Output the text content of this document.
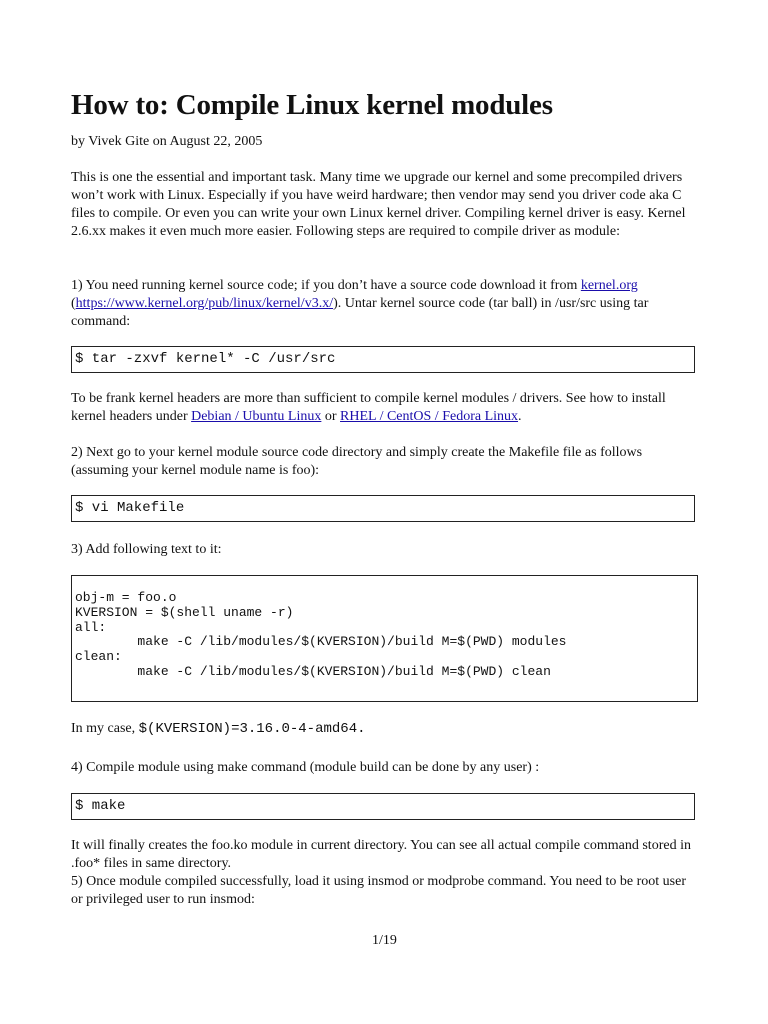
How to: Compile Linux kernel modules
by Vivek Gite on August 22, 2005

This is one the essential and important task. Many time we upgrade our kernel and some precompiled drivers won’t work with Linux. Especially if you have weird hardware; then vendor may send you driver code aka C files to compile. Or even you can write your own Linux kernel driver. Compiling kernel driver is easy. Kernel 2.6.xx makes it even much more easier. Following steps are required to compile driver as module:

1) You need running kernel source code; if you don’t have a source code download it from kernel.org
(https://www.kernel.org/pub/linux/kernel/v3.x/). Untar kernel source code (tar ball) in /usr/src using tar command:

$ tar -zxvf kernel* -C /usr/src

To be frank kernel headers are more than sufficient to compile kernel modules / drivers. See how to install kernel headers under Debian / Ubuntu Linux or RHEL / CentOS / Fedora Linux.

2) Next go to your kernel module source code directory and simply create the Makefile file as follows (assuming your kernel module name is foo):

$ vi Makefile

3) Add following text to it:

obj-m = foo.o
KVERSION = $(shell uname -r)
all:
make -C /lib/modules/$(KVERSION)/build M=$(PWD) modules
clean:
make -C /lib/modules/$(KVERSION)/build M=$(PWD) clean

In my case, $(KVERSION)=3.16.0-4-amd64.

4) Compile module using make command (module build can be done by any user) :

$ make

It will finally creates the foo.ko module in current directory. You can see all actual compile command stored in .foo* files in same directory.
5) Once module compiled successfully, load it using insmod or modprobe command. You need to be root user or privileged user to run insmod:

1/19
